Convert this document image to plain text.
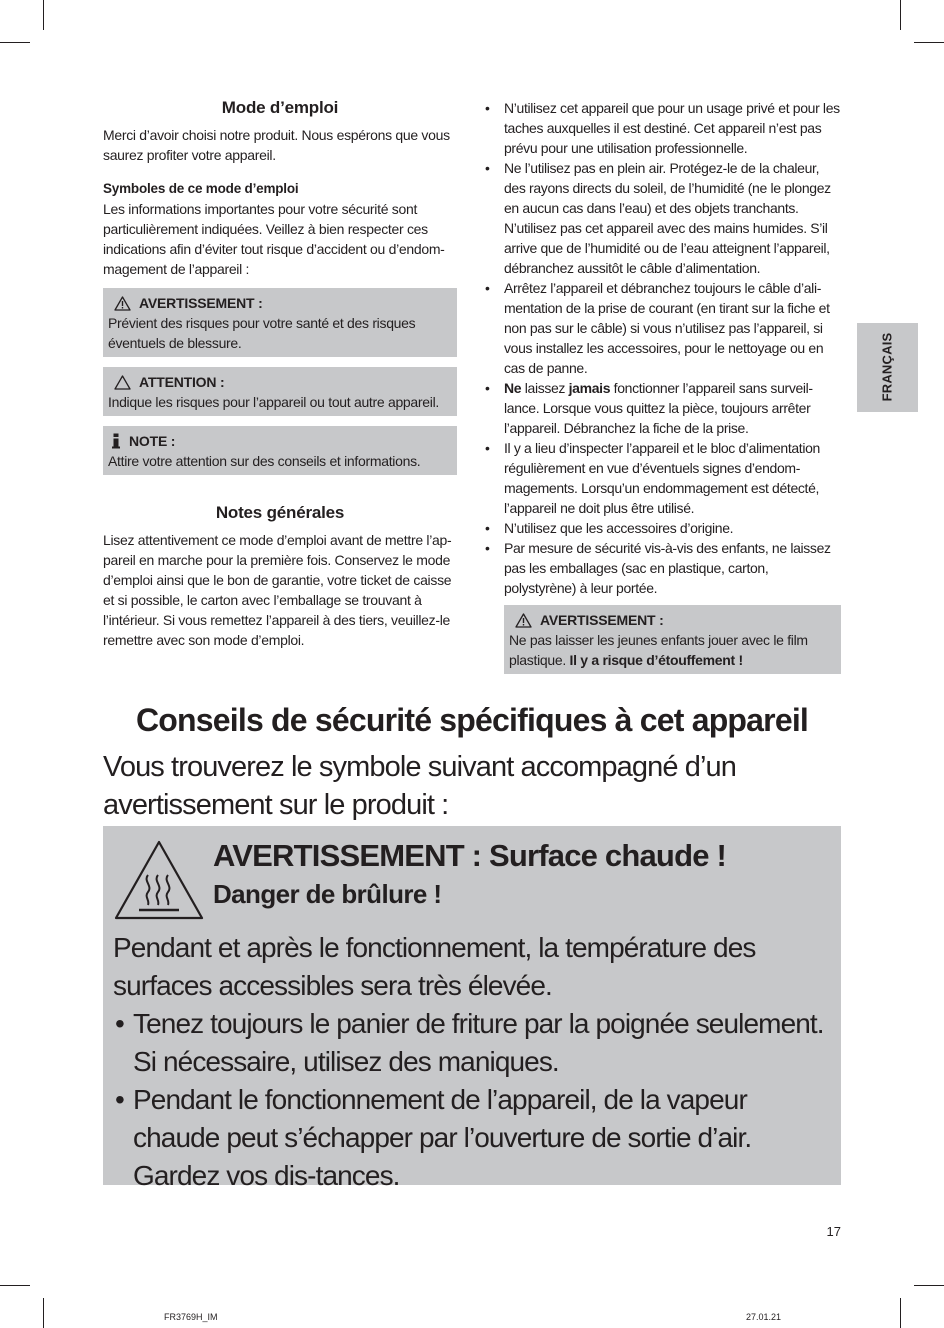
Mode d’emploi

Merci d’avoir choisi notre produit. Nous espérons que vous saurez profiter votre appareil.

Symboles de ce mode d’emploi

Les informations importantes pour votre sécurité sont particulièrement indiquées. Veillez à bien respecter ces indications afin d’éviter tout risque d’accident ou d’endom-magement de l’appareil :

AVERTISSEMENT :

Prévient des risques pour votre santé et des risques éventuels de blessure.

ATTENTION :

Indique les risques pour l’appareil ou tout autre appareil.

NOTE :

Attire votre attention sur des conseils et informations.

Notes générales

Lisez attentivement ce mode d’emploi avant de mettre l’ap-pareil en marche pour la première fois. Conservez le mode d’emploi ainsi que le bon de garantie, votre ticket de caisse et si possible, le carton avec l’emballage se trouvant à l’intérieur. Si vous remettez l’appareil à des tiers, veuillez-le remettre avec son mode d’emploi.

• N’utilisez cet appareil que pour un usage privé et pour les taches auxquelles il est destiné. Cet appareil n’est pas prévu pour une utilisation professionnelle.
• Ne l’utilisez pas en plein air. Protégez-le de la chaleur, des rayons directs du soleil, de l’humidité (ne le plongez en aucun cas dans l’eau) et des objets tranchants. N’utilisez pas cet appareil avec des mains humides. S’il arrive que de l’humidité ou de l’eau atteignent l’appareil, débranchez aussitôt le câble d’alimentation.
• Arrêtez l’appareil et débranchez toujours le câble d’ali-mentation de la prise de courant (en tirant sur la fiche et non pas sur le câble) si vous n’utilisez pas l’appareil, si vous installez les accessoires, pour le nettoyage ou en cas de panne.
• Ne laissez jamais fonctionner l’appareil sans surveil-lance. Lorsque vous quittez la pièce, toujours arrêter l’appareil. Débranchez la fiche de la prise.
• Il y a lieu d’inspecter l’appareil et le bloc d’alimentation régulièrement en vue d’éventuels signes d’endom-magements. Lorsqu’un endommagement est détecté, l’appareil ne doit plus être utilisé.
• N’utilisez que les accessoires d’origine.
• Par mesure de sécurité vis-à-vis des enfants, ne laissez pas les emballages (sac en plastique, carton, polystyrène) à leur portée.
AVERTISSEMENT :

Ne pas laisser les jeunes enfants jouer avec le film plastique. Il y a risque d’étouffement !

FRANÇAIS
Conseils de sécurité spécifiques à cet appareil

Vous trouverez le symbole suivant accompagné d’un avertissement sur le produit :

AVERTISSEMENT : Surface chaude !
Danger de brûlure !

Pendant et après le fonctionnement, la température des surfaces accessibles sera très élevée.

• Tenez toujours le panier de friture par la poignée seulement. Si nécessaire, utilisez des maniques.
• Pendant le fonctionnement de l’appareil, de la vapeur chaude peut s’échapper par l’ouverture de sortie d’air. Gardez vos dis-tances.
17
FR3769H_IM	27.01.21
